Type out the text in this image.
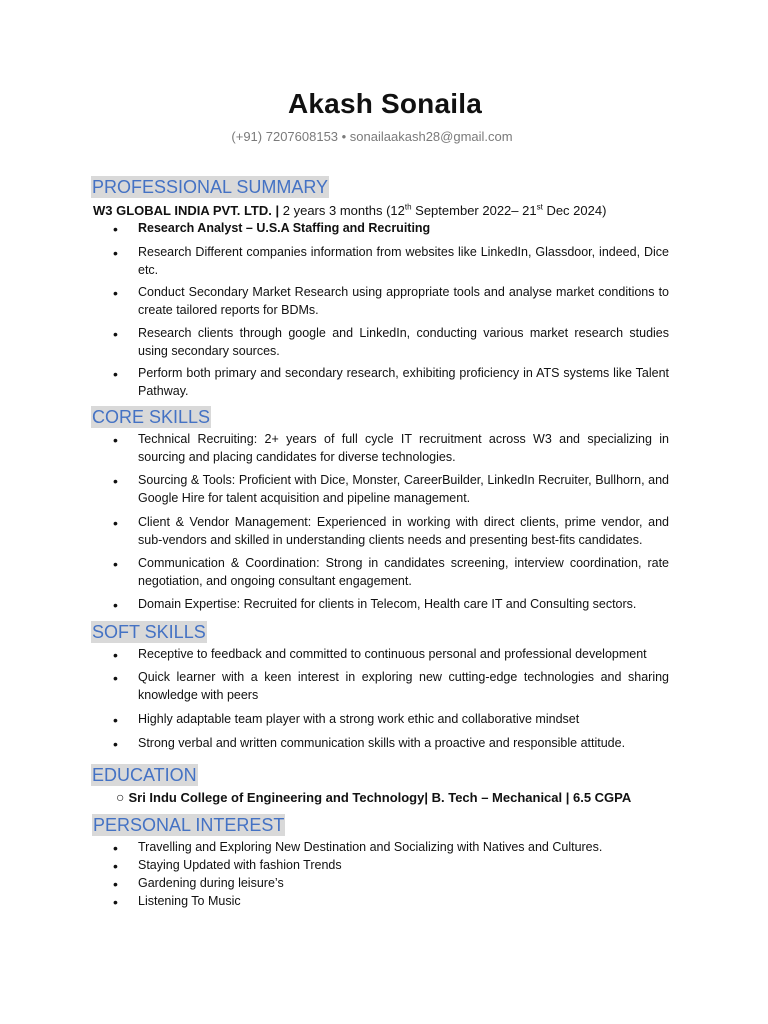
Akash Sonaila
(+91) 7207608153 • sonailaakash28@gmail.com
PROFESSIONAL SUMMARY
W3 GLOBAL INDIA PVT. LTD. | 2 years 3 months (12th September 2022– 21st Dec 2024)
• Research Analyst – U.S.A Staffing and Recruiting
• Research Different companies information from websites like LinkedIn, Glassdoor, indeed, Dice etc.
• Conduct Secondary Market Research using appropriate tools and analyse market conditions to create tailored reports for BDMs.
• Research clients through google and LinkedIn, conducting various market research studies using secondary sources.
• Perform both primary and secondary research, exhibiting proficiency in ATS systems like Talent Pathway.
CORE SKILLS
• Technical Recruiting: 2+ years of full cycle IT recruitment across W3 and specializing in sourcing and placing candidates for diverse technologies.
• Sourcing & Tools: Proficient with Dice, Monster, CareerBuilder, LinkedIn Recruiter, Bullhorn, and Google Hire for talent acquisition and pipeline management.
• Client & Vendor Management: Experienced in working with direct clients, prime vendor, and sub-vendors and skilled in understanding clients needs and presenting best-fits candidates.
• Communication & Coordination: Strong in candidates screening, interview coordination, rate negotiation, and ongoing consultant engagement.
• Domain Expertise: Recruited for clients in Telecom, Health care IT and Consulting sectors.
SOFT SKILLS
• Receptive to feedback and committed to continuous personal and professional development
• Quick learner with a keen interest in exploring new cutting-edge technologies and sharing knowledge with peers
• Highly adaptable team player with a strong work ethic and collaborative mindset
• Strong verbal and written communication skills with a proactive and responsible attitude.
EDUCATION
○ Sri Indu College of Engineering and Technology| B. Tech – Mechanical | 6.5 CGPA
PERSONAL INTEREST
• Travelling and Exploring New Destination and Socializing with Natives and Cultures.
• Staying Updated with fashion Trends
• Gardening during leisure’s
• Listening To Music
